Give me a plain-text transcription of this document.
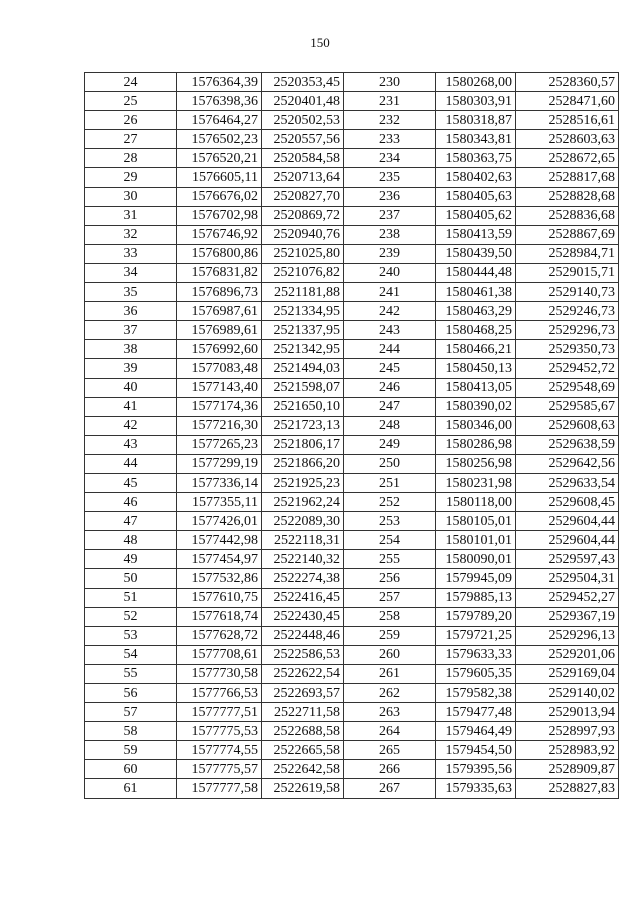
150
24	1576364,39	2520353,45	230	1580268,00	2528360,57
25	1576398,36	2520401,48	231	1580303,91	2528471,60
26	1576464,27	2520502,53	232	1580318,87	2528516,61
27	1576502,23	2520557,56	233	1580343,81	2528603,63
28	1576520,21	2520584,58	234	1580363,75	2528672,65
29	1576605,11	2520713,64	235	1580402,63	2528817,68
30	1576676,02	2520827,70	236	1580405,63	2528828,68
31	1576702,98	2520869,72	237	1580405,62	2528836,68
32	1576746,92	2520940,76	238	1580413,59	2528867,69
33	1576800,86	2521025,80	239	1580439,50	2528984,71
34	1576831,82	2521076,82	240	1580444,48	2529015,71
35	1576896,73	2521181,88	241	1580461,38	2529140,73
36	1576987,61	2521334,95	242	1580463,29	2529246,73
37	1576989,61	2521337,95	243	1580468,25	2529296,73
38	1576992,60	2521342,95	244	1580466,21	2529350,73
39	1577083,48	2521494,03	245	1580450,13	2529452,72
40	1577143,40	2521598,07	246	1580413,05	2529548,69
41	1577174,36	2521650,10	247	1580390,02	2529585,67
42	1577216,30	2521723,13	248	1580346,00	2529608,63
43	1577265,23	2521806,17	249	1580286,98	2529638,59
44	1577299,19	2521866,20	250	1580256,98	2529642,56
45	1577336,14	2521925,23	251	1580231,98	2529633,54
46	1577355,11	2521962,24	252	1580118,00	2529608,45
47	1577426,01	2522089,30	253	1580105,01	2529604,44
48	1577442,98	2522118,31	254	1580101,01	2529604,44
49	1577454,97	2522140,32	255	1580090,01	2529597,43
50	1577532,86	2522274,38	256	1579945,09	2529504,31
51	1577610,75	2522416,45	257	1579885,13	2529452,27
52	1577618,74	2522430,45	258	1579789,20	2529367,19
53	1577628,72	2522448,46	259	1579721,25	2529296,13
54	1577708,61	2522586,53	260	1579633,33	2529201,06
55	1577730,58	2522622,54	261	1579605,35	2529169,04
56	1577766,53	2522693,57	262	1579582,38	2529140,02
57	1577777,51	2522711,58	263	1579477,48	2529013,94
58	1577775,53	2522688,58	264	1579464,49	2528997,93
59	1577774,55	2522665,58	265	1579454,50	2528983,92
60	1577775,57	2522642,58	266	1579395,56	2528909,87
61	1577777,58	2522619,58	267	1579335,63	2528827,83
